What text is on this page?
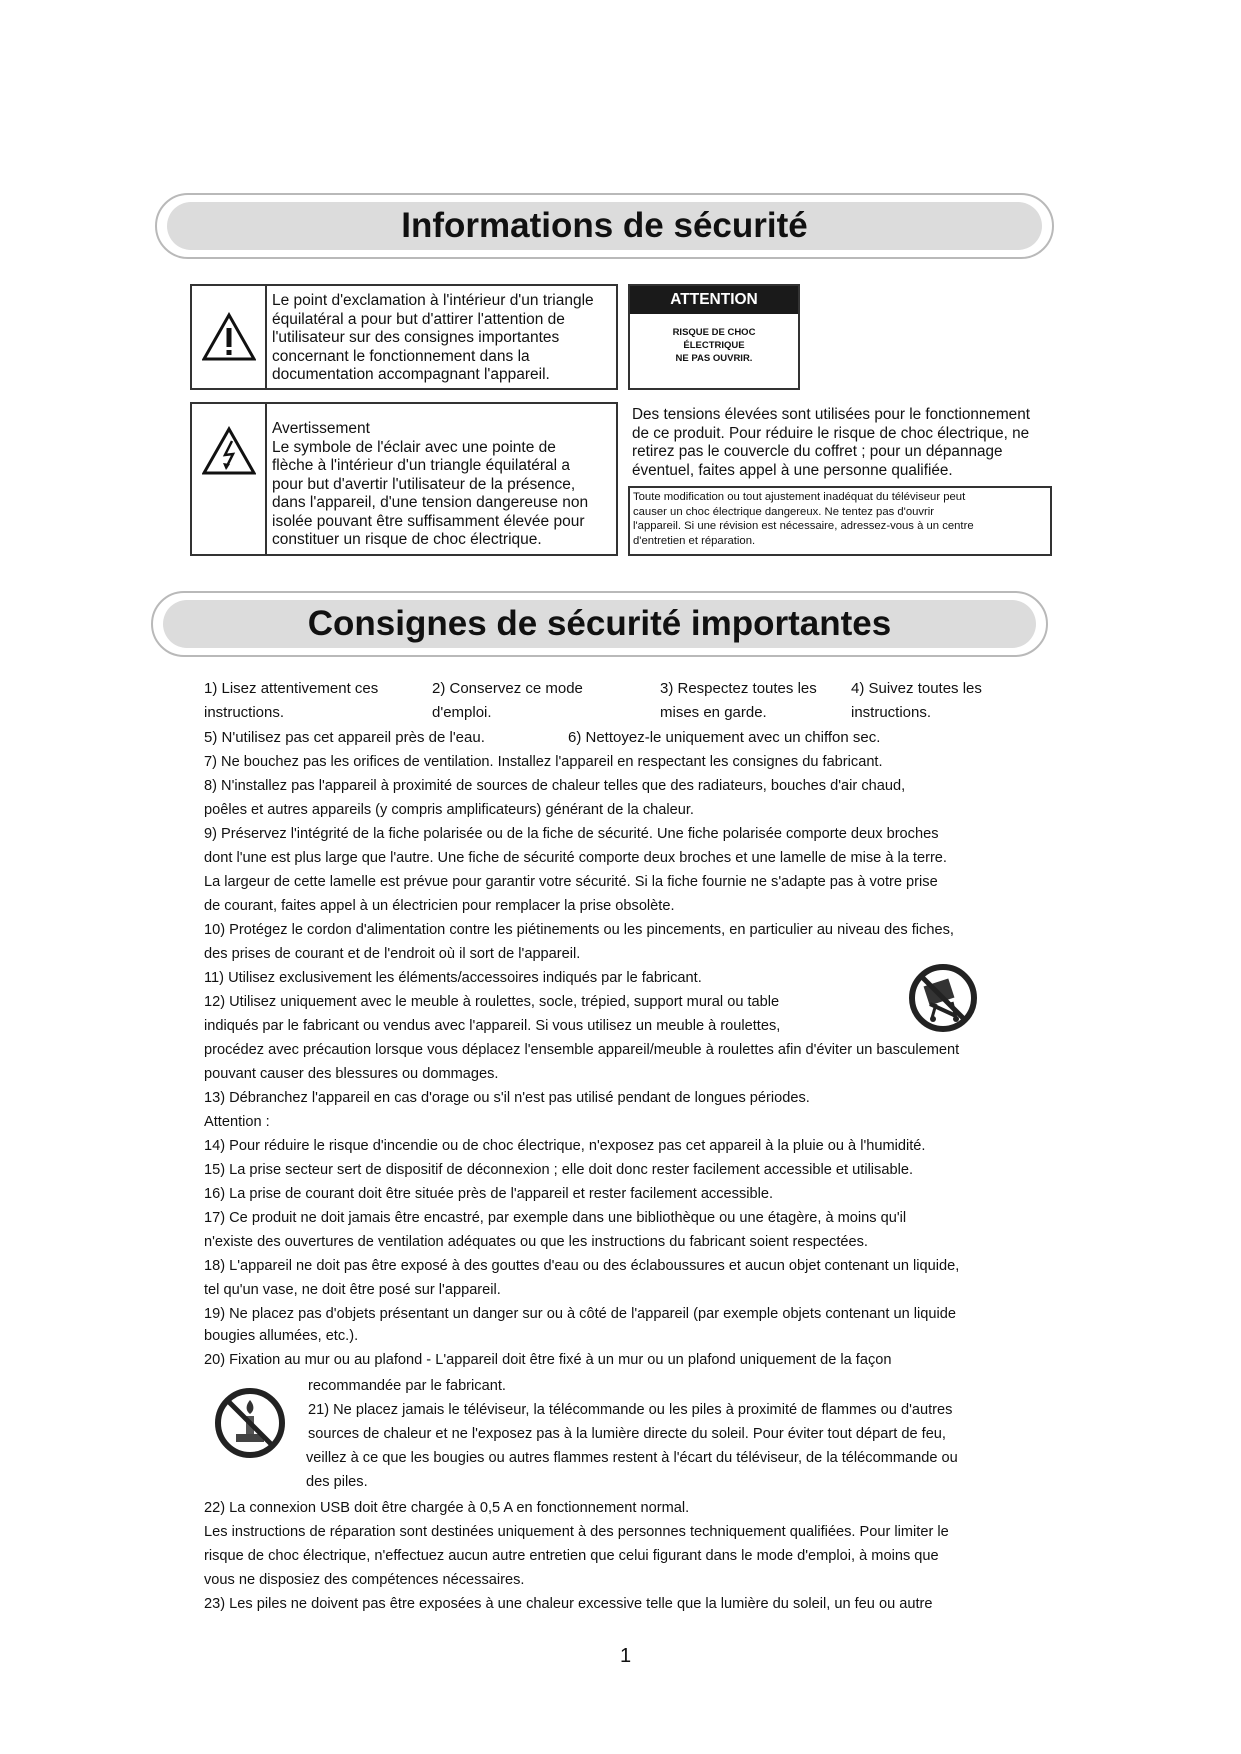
Informations de sécurité
Le point d'exclamation à l'intérieur d'un triangle
équilatéral a pour but d'attirer l'attention de
l'utilisateur sur des consignes importantes
concernant le fonctionnement dans la
documentation accompagnant l'appareil.
ATTENTION
RISQUE DE CHOC
ÉLECTRIQUE
NE PAS OUVRIR.
Avertissement
Le symbole de l'éclair avec une pointe de
flèche à l'intérieur d'un triangle équilatéral a
pour but d'avertir l'utilisateur de la présence,
dans l'appareil, d'une tension dangereuse non
isolée pouvant être suffisamment élevée pour
constituer un risque de choc électrique.
Des tensions élevées sont utilisées pour le fonctionnement
de ce produit. Pour réduire le risque de choc électrique, ne
retirez pas le couvercle du coffret ; pour un dépannage
éventuel, faites appel à une personne qualifiée.
Toute modification ou tout ajustement inadéquat du téléviseur peut
causer un choc électrique dangereux. Ne tentez pas d'ouvrir
l'appareil. Si une révision est nécessaire, adressez-vous à un centre
d'entretien et réparation.
Consignes de sécurité importantes
1) Lisez attentivement ces
instructions.
2) Conservez ce mode
d'emploi.
3) Respectez toutes les
mises en garde.
4) Suivez toutes les
instructions.
5) N'utilisez pas cet appareil près de l'eau.	6) Nettoyez-le uniquement avec un chiffon sec.
7) Ne bouchez pas les orifices de ventilation. Installez l'appareil en respectant les consignes du fabricant.
8) N'installez pas l'appareil à proximité de sources de chaleur telles que des radiateurs, bouches d'air chaud,
poêles et autres appareils (y compris amplificateurs) générant de la chaleur.
9) Préservez l'intégrité de la fiche polarisée ou de la fiche de sécurité. Une fiche polarisée comporte deux broches
dont l'une est plus large que l'autre. Une fiche de sécurité comporte deux broches et une lamelle de mise à la terre.
La largeur de cette lamelle est prévue pour garantir votre sécurité. Si la fiche fournie ne s'adapte pas à votre prise
de courant, faites appel à un électricien pour remplacer la prise obsolète.
10) Protégez le cordon d'alimentation contre les piétinements ou les pincements, en particulier au niveau des fiches,
des prises de courant et de l'endroit où il sort de l'appareil.
11) Utilisez exclusivement les éléments/accessoires indiqués par le fabricant.
12) Utilisez uniquement avec le meuble à roulettes, socle, trépied, support mural ou table
indiqués par le fabricant ou vendus avec l'appareil. Si vous utilisez un meuble à roulettes,
procédez avec précaution lorsque vous déplacez l'ensemble appareil/meuble à roulettes afin d'éviter un basculement
pouvant causer des blessures ou dommages.
13) Débranchez l'appareil en cas d'orage ou s'il n'est pas utilisé pendant de longues périodes.
Attention :
14) Pour réduire le risque d'incendie ou de choc électrique, n'exposez pas cet appareil à la pluie ou à l'humidité.
15) La prise secteur sert de dispositif de déconnexion ; elle doit donc rester facilement accessible et utilisable.
16) La prise de courant doit être située près de l'appareil et rester facilement accessible.
17) Ce produit ne doit jamais être encastré, par exemple dans une bibliothèque ou une étagère, à moins qu'il
n'existe des ouvertures de ventilation adéquates ou que les instructions du fabricant soient respectées.
18) L'appareil ne doit pas être exposé à des gouttes d'eau ou des éclaboussures et aucun objet contenant un liquide,
tel qu'un vase, ne doit être posé sur l'appareil.
19) Ne placez pas d'objets présentant un danger sur ou à côté de l'appareil (par exemple objets contenant un liquide
bougies allumées, etc.).
20) Fixation au mur ou au plafond - L'appareil doit être fixé à un mur ou un plafond uniquement de la façon
recommandée par le fabricant.
21) Ne placez jamais le téléviseur, la télécommande ou les piles à proximité de flammes ou d'autres
sources de chaleur et ne l'exposez pas à la lumière directe du soleil. Pour éviter tout départ de feu,
veillez à ce que les bougies ou autres flammes restent à l'écart du téléviseur, de la télécommande ou
des piles.
22) La connexion USB doit être chargée à 0,5 A en fonctionnement normal.
Les instructions de réparation sont destinées uniquement à des personnes techniquement qualifiées. Pour limiter le
risque de choc électrique, n'effectuez aucun autre entretien que celui figurant dans le mode d'emploi, à moins que
vous ne disposiez des compétences nécessaires.
23) Les piles ne doivent pas être exposées à une chaleur excessive telle que la lumière du soleil, un feu ou autre
1
